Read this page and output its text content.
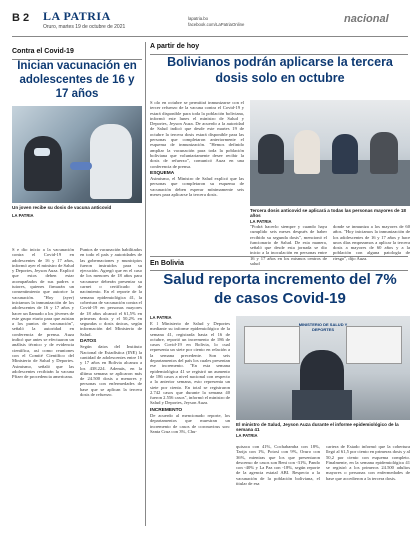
B 2 LA PATRIA
Oruro, martes 19 de octubre de 2021
lapatria.bo
facebook.com/LaPatriaOnline	nacional
Contra el Covid-19
Inician vacunación en adolescentes de 16 y 17 años
Un joven recibe su dosis de vacuna anticovid
LA PATRIA
S e dio inicio a la vacunación contra el Covid-19 en adolescentes de 16 y 17 años, informó ayer el ministro de Salud y Deportes, Jeyson Auza. Explicó que estos deben estar acompañados de sus padres o tutores, quienes firmarán un consentimiento que autorice la vacunación. "Hoy (ayer) iniciamos la inmunización de los adolescentes de 16 y 17 años y hacer un llamado a los jóvenes de este grupo etario para que asistan a los puntos de vacunación", señaló la autoridad en conferencia de prensa. Auza indicó que antes se efectuaron un análisis técnico y de evidencia científica, así como reuniones con el Comité Científico del Ministerio de Salud y Deportes. Asimismo, señaló que las adolescentes recibirán la vacuna Pfizer de procedencia americana.
Puntos de vacunación habilitados en todo el país y autoridades de las gobernaciones y municipios fueron instruidos para su ejecución. Agregó que en el caso de los menores de 18 años para vacunarse deberán presentar su carnet o certificado de nacimiento. En el reporte de la semana epidemiológica 41, la cobertura de vacunación contra el Covid-19 en personas mayores de 18 años alcanzó el 61,5% en primeras dosis y el 50,2% en segundas o dosis únicas, según información del Ministerio de Salud.
DATOS
Según datos del Instituto Nacional de Estadística (INE) la cantidad de adolescentes entre 16 y 17 años en Bolivia alcanza a los 438.224. Además, en la última semana se aplicaron más de 24.500 dosis a menores y personas con enfermedades de base que se aplican la tercera dosis de refuerzo.
A partir de hoy
Bolivianos podrán aplicarse la tercera dosis solo en octubre
S olo en octubre se permitirá inmunizarse con el tercer refuerzo de la vacuna contra el Covid-19 y estará disponible para toda la población boliviana, informó este lunes el ministro de Salud y Deportes, Jeyson Auza. De acuerdo a la autoridad de Salud indicó que desde este martes 19 de octubre la tercera dosis estará disponible para las personas que completaron anteriormente el esquema de inmunización. "Hemos definido ampliar la vacunación para toda la población boliviana que voluntariamente desee recibir la dosis de refuerzo", comunicó Auza en una conferencia de prensa.
ESQUEMA
Asimismo, el Ministro de Salud explicó que las personas que completaron su esquema de vacunación deben esperar mínimamente seis meses para aplicarse la tercera dosis.
Tercera dosis anticovid se aplicará a todas las personas mayores de 18 años
LA PATRIA
"Podrá hacerlo siempre y cuando haya cumplido seis meses después de haber recibido su segunda dosis", mencionó el funcionario de Salud. De esta manera, señaló que desde esta jornada se dio inicio a la inoculación en personas entre 16 y 17 años en los mismos centros de salud
donde se inmuniza a los mayores de 60 años. "Hoy iniciamos la inmunización de los adolescentes de 16 y 17 años y hace unos días empezamos a aplicar la tercera dosis a mayores de 60 años y a la población con alguna patología de riesgo", dijo Auza.
En Bolivia
Salud reporta incremento del 7% de casos Covid-19
LA PATRIA
E l Ministerio de Salud y Deportes mediante su informe epidemiológico de la semana 41, registrada hasta el 16 de octubre, reportó un incremento de 186 de casos Covid-19 en Bolivia, lo cual representa un siete por ciento en relación a la semana precedente. Son seis departamentos del país los cuales presentan ese incremento. "En esta semana epidemiológica 41 se registró un aumento de 186 casos a nivel nacional con respecto a la anterior semana, esto representa un siete por ciento. En total se registraron 2.742 casos que durante la semana 40 fueron 2.556 casos", informó el ministro de Salud y Deportes, Jeyson Auza.
INCREMENTO
De acuerdo al mencionado reporte, los departamentos que muestran un incremento de casos de coronavirus son: Santa Cruz con 3%, Chu-
MINISTERIO DE SALUD Y DEPORTES
El ministro de Salud, Jeyson Auza durante el informe epidemiológico de la semana 41
LA PATRIA
quisaca con 41%, Cochabamba con 18%, Tarija con 1%, Potosí con 9%, Oruro con 36%, mientras que los que presentaron descenso de casos son Beni con -31%, Pando con -40% y La Paz con -18%, según reporte de la agencia estatal ABI. Respecto a la vacunación de la población boliviana, el titular de esa
cartera de Estado informó que la cobertura llegó al 61,5 por ciento en primeras dosis y al 50,2 por ciento con esquema completo. Finalmente, en la semana epidemiológica 41 se registró a los primeros 24.500 adultos mayores o personas con enfermedades de base que accedieron a la tercera dosis.
